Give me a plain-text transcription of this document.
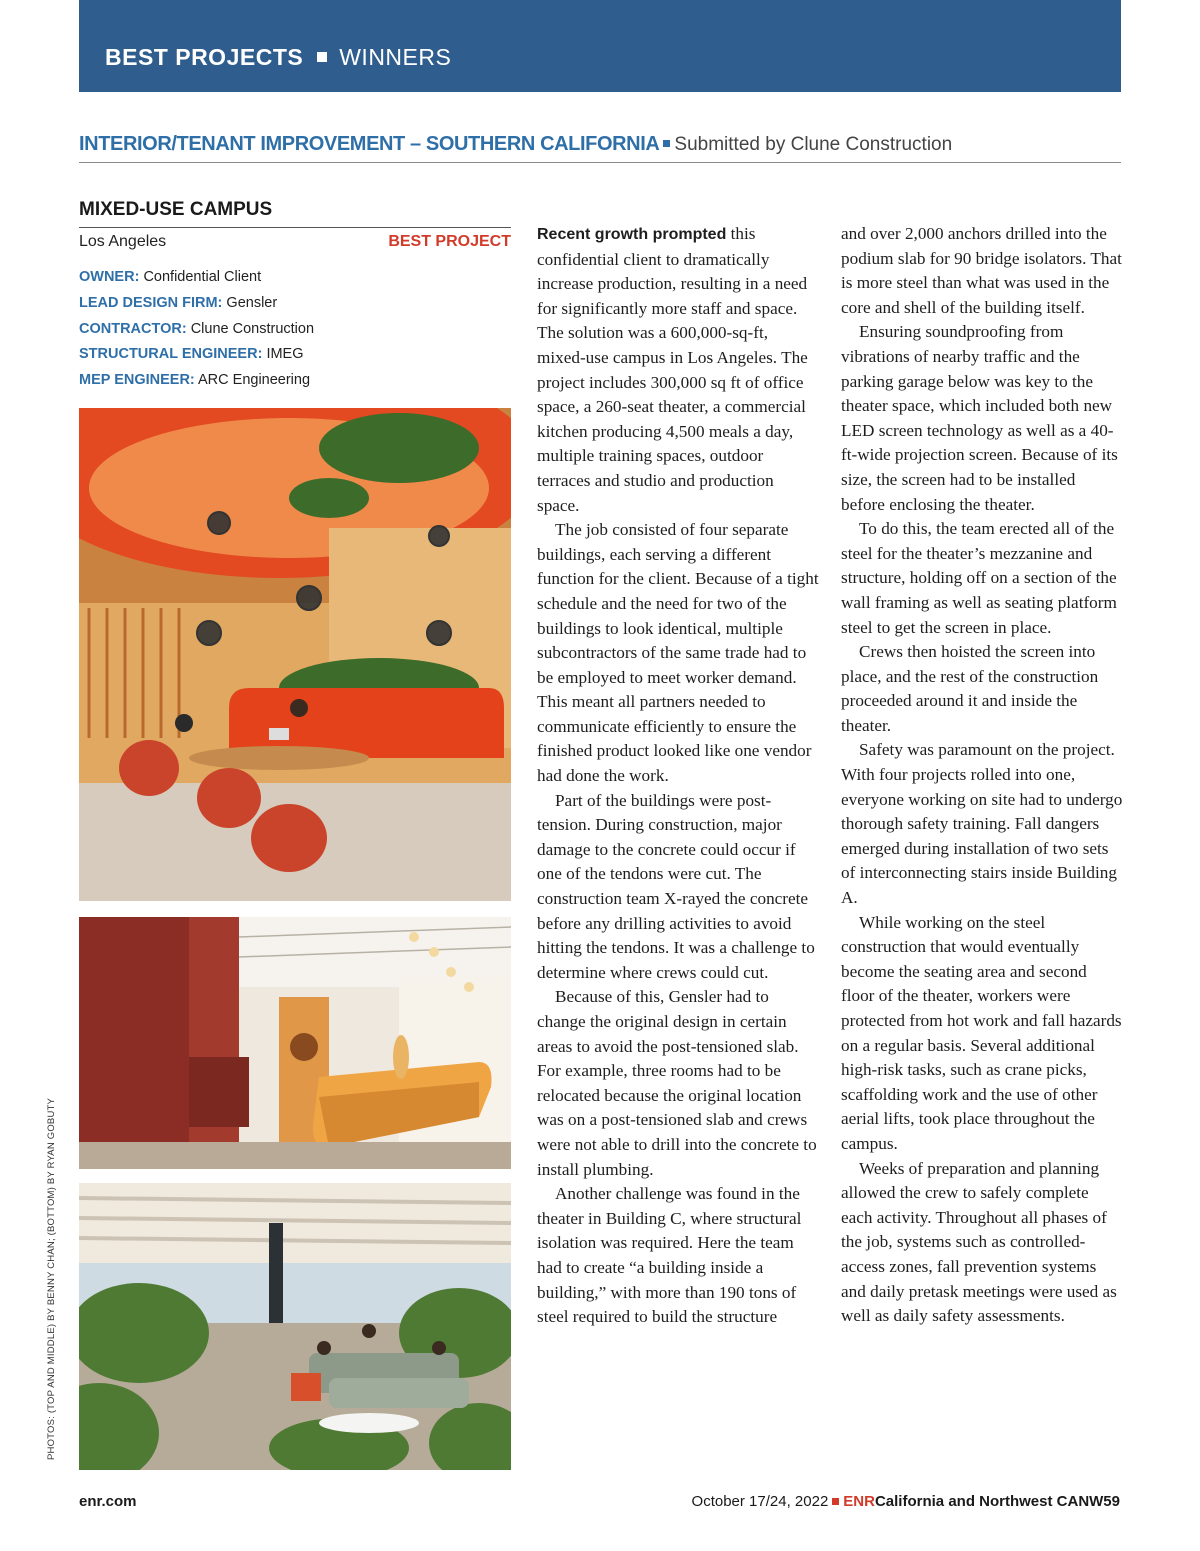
BEST PROJECTS WINNERS
INTERIOR/TENANT IMPROVEMENT – SOUTHERN CALIFORNIA Submitted by Clune Construction
MIXED-USE CAMPUS
Los Angeles	BEST PROJECT
OWNER: Confidential Client
LEAD DESIGN FIRM: Gensler
CONTRACTOR: Clune Construction
STRUCTURAL ENGINEER: IMEG
MEP ENGINEER: ARC Engineering
PHOTOS: (TOP AND MIDDLE) BY BENNY CHAN; (BOTTOM) BY RYAN GOBUTY

Recent growth prompted this confidential client to dramatically increase production, resulting in a need for significantly more staff and space. The solution was a 600,000-sq-ft, mixed-use campus in Los Angeles. The project includes 300,000 sq ft of office space, a 260-seat theater, a commercial kitchen producing 4,500 meals a day, multiple training spaces, outdoor terraces and studio and production space.

The job consisted of four separate buildings, each serving a different function for the client. Because of a tight schedule and the need for two of the buildings to look identical, multiple subcontractors of the same trade had to be employed to meet worker demand. This meant all partners needed to communicate efficiently to ensure the finished product looked like one vendor had done the work.

Part of the buildings were post-tension. During construction, major damage to the concrete could occur if one of the tendons were cut. The construction team X-rayed the concrete before any drilling activities to avoid hitting the tendons. It was a challenge to determine where crews could cut.

Because of this, Gensler had to change the original design in certain areas to avoid the post-tensioned slab. For example, three rooms had to be relocated because the original location was on a post-tensioned slab and crews were not able to drill into the concrete to install plumbing.

Another challenge was found in the theater in Building C, where structural isolation was required. Here the team had to create “a building inside a building,” with more than 190 tons of steel required to build the structure

and over 2,000 anchors drilled into the podium slab for 90 bridge isolators. That is more steel than what was used in the core and shell of the building itself.

Ensuring soundproofing from vibrations of nearby traffic and the parking garage below was key to the theater space, which included both new LED screen technology as well as a 40-ft-wide projection screen. Because of its size, the screen had to be installed before enclosing the theater.

To do this, the team erected all of the steel for the theater’s mezzanine and structure, holding off on a section of the wall framing as well as seating platform steel to get the screen in place.

Crews then hoisted the screen into place, and the rest of the construction proceeded around it and inside the theater.

Safety was paramount on the project. With four projects rolled into one, everyone working on site had to undergo thorough safety training. Fall dangers emerged during installation of two sets of interconnecting stairs inside Building A.

While working on the steel construction that would eventually become the seating area and second floor of the theater, workers were protected from hot work and fall hazards on a regular basis. Several additional high-risk tasks, such as crane picks, scaffolding work and the use of other aerial lifts, took place throughout the campus.

Weeks of preparation and planning allowed the crew to safely complete each activity. Throughout all phases of the job, systems such as controlled-access zones, fall prevention systems and daily pretask meetings were used as well as daily safety assessments.

enr.com	October 17/24, 2022 ENRCalifornia and Northwest CANW59
